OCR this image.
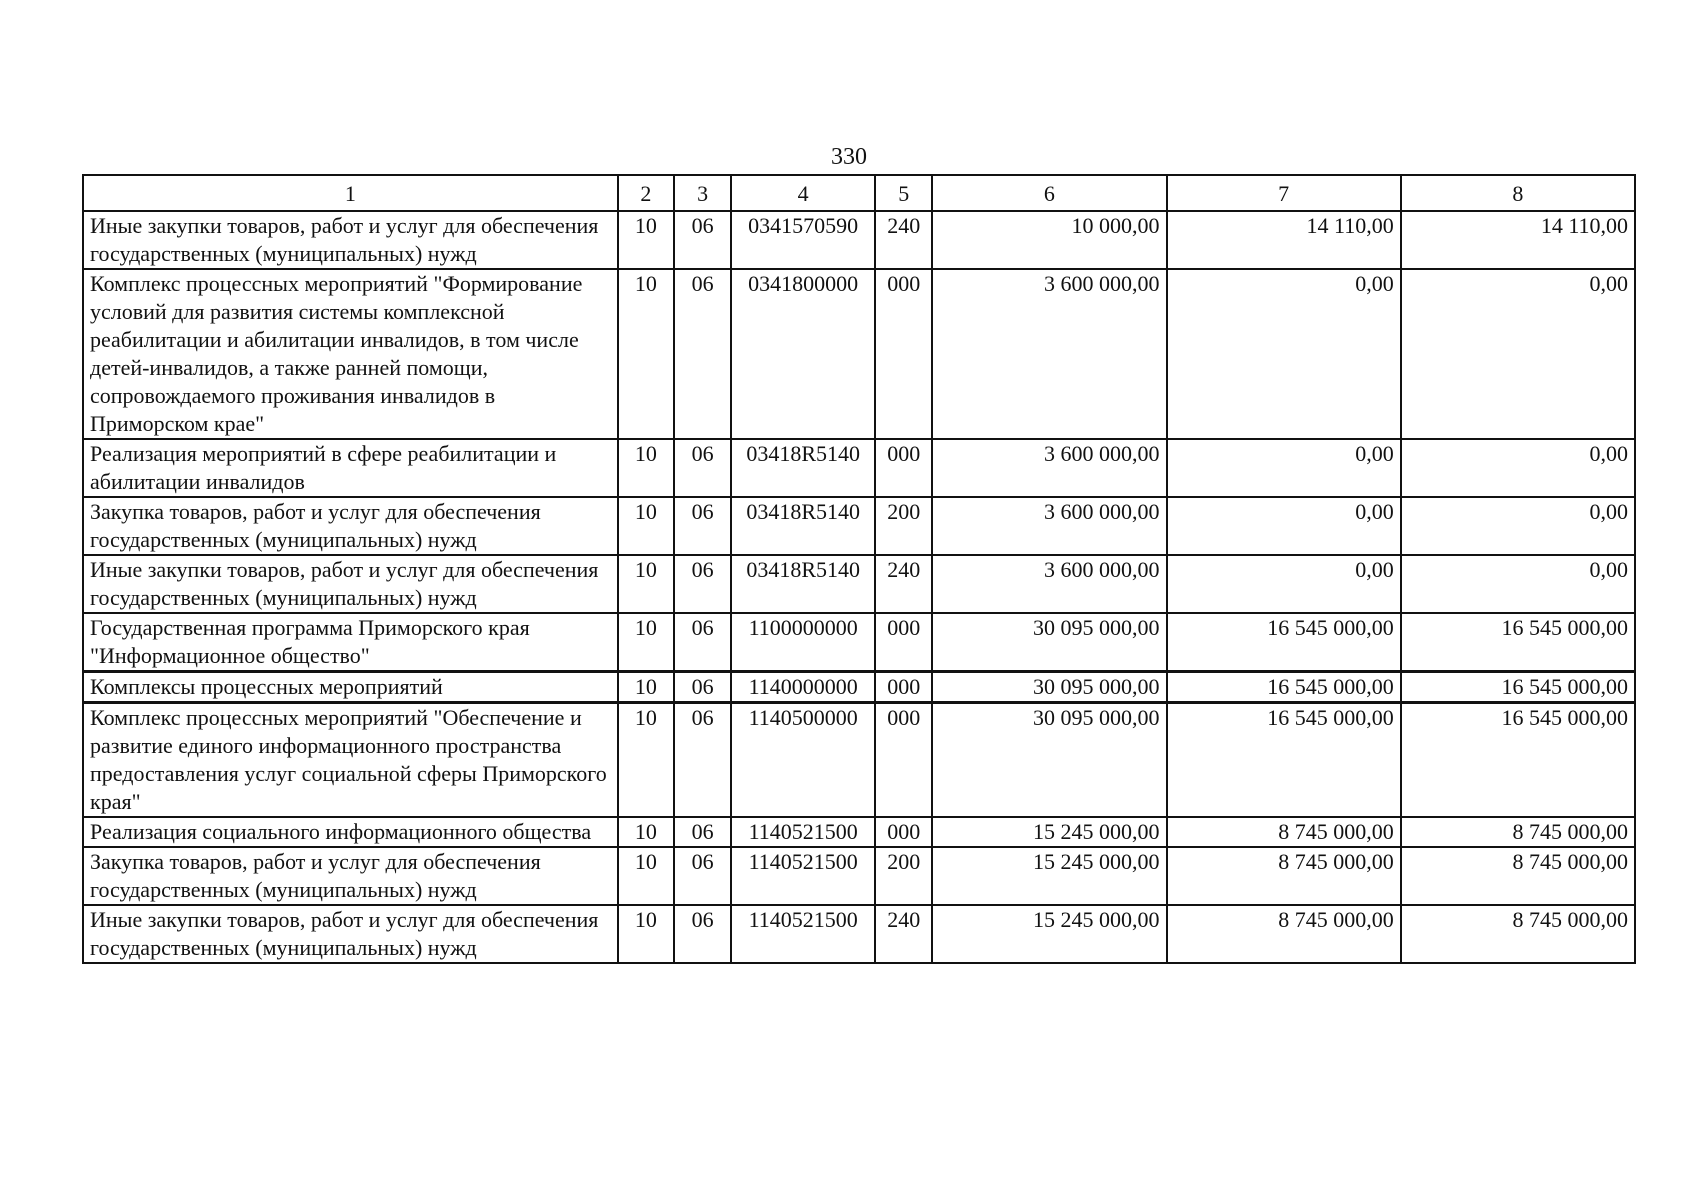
330
1	2	3	4	5	6	7	8
Иные закупки товаров, работ и услуг для обеспечения государственных (муниципальных) нужд	10	06	0341570590	240	10 000,00	14 110,00	14 110,00
Комплекс процессных мероприятий "Формирование условий для развития системы комплексной реабилитации и абилитации инвалидов, в том числе детей-инвалидов, а также ранней помощи, сопровождаемого проживания инвалидов в Приморском крае"	10	06	0341800000	000	3 600 000,00	0,00	0,00
Реализация мероприятий в сфере реабилитации и абилитации инвалидов	10	06	03418R5140	000	3 600 000,00	0,00	0,00
Закупка товаров, работ и услуг для обеспечения государственных (муниципальных) нужд	10	06	03418R5140	200	3 600 000,00	0,00	0,00
Иные закупки товаров, работ и услуг для обеспечения государственных (муниципальных) нужд	10	06	03418R5140	240	3 600 000,00	0,00	0,00
Государственная программа Приморского края "Информационное общество"	10	06	1100000000	000	30 095 000,00	16 545 000,00	16 545 000,00
Комплексы процессных мероприятий	10	06	1140000000	000	30 095 000,00	16 545 000,00	16 545 000,00
Комплекс процессных мероприятий "Обеспечение и развитие единого информационного пространства предоставления услуг социальной сферы Приморского края"	10	06	1140500000	000	30 095 000,00	16 545 000,00	16 545 000,00
Реализация социального информационного общества	10	06	1140521500	000	15 245 000,00	8 745 000,00	8 745 000,00
Закупка товаров, работ и услуг для обеспечения государственных (муниципальных) нужд	10	06	1140521500	200	15 245 000,00	8 745 000,00	8 745 000,00
Иные закупки товаров, работ и услуг для обеспечения государственных (муниципальных) нужд	10	06	1140521500	240	15 245 000,00	8 745 000,00	8 745 000,00
